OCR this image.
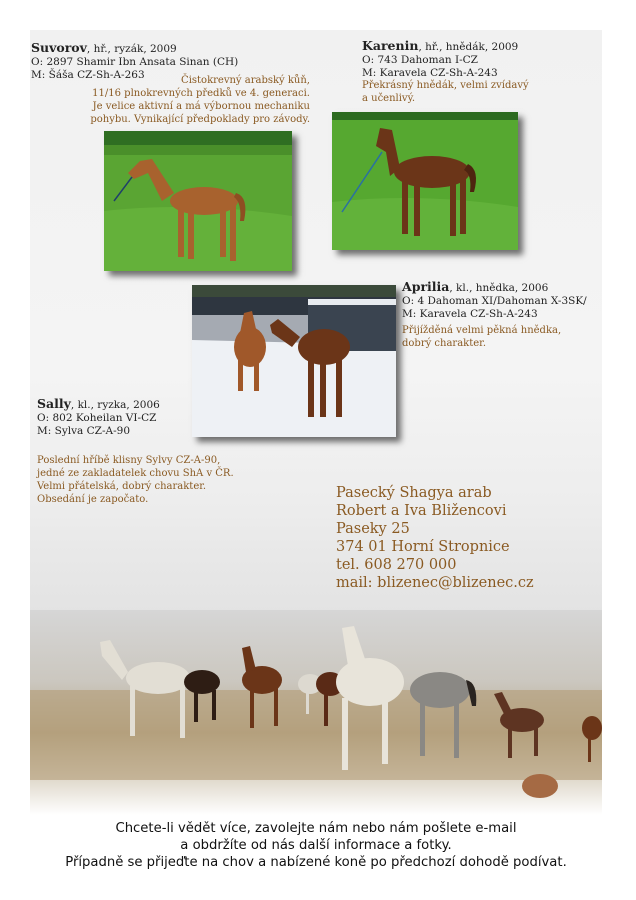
Suvorov, hř., ryzák, 2009
O: 2897 Shamir Ibn Ansata Sinan (CH)
M: Šáša CZ-Sh-A-263	Čistokrevný arabský kůň,
11/16 plnokrevných předků ve 4. generaci.
Je velice aktivní a má výbornou mechaniku
pohybu. Vynikající předpoklady pro závody.
Karenin, hř., hnědák, 2009
O: 743 Dahoman I-CZ
M: Karavela CZ-Sh-A-243
Překrásný hnědák, velmi zvídavý
a učenlivý.
Aprilia, kl., hnědka, 2006
O: 4 Dahoman XI/Dahoman X-3SK/
M: Karavela CZ-Sh-A-243
Přijížděná velmi pěkná hnědka,
dobrý charakter.
Sally, kl., ryzka, 2006
O: 802 Koheilan VI-CZ
M: Sylva CZ-A-90
Poslední hříbě klisny Sylvy CZ-A-90,
jedné ze zakladatelek chovu ShA v ČR.
Velmi přátelská, dobrý charakter.
Obsedání je započato.	Pasecký Shagya arab
Robert a Iva Bližencovi
Paseky 25
374 01 Horní Stropnice
tel. 608 270 000
mail: blizenec@blizenec.cz
Chcete-li vědět více, zavolejte nám nebo nám pošlete e-mail
a obdržíte od nás další informace a fotky.
Případně se přijeďte na chov a nabízené koně po předchozí dohodě podívat.
